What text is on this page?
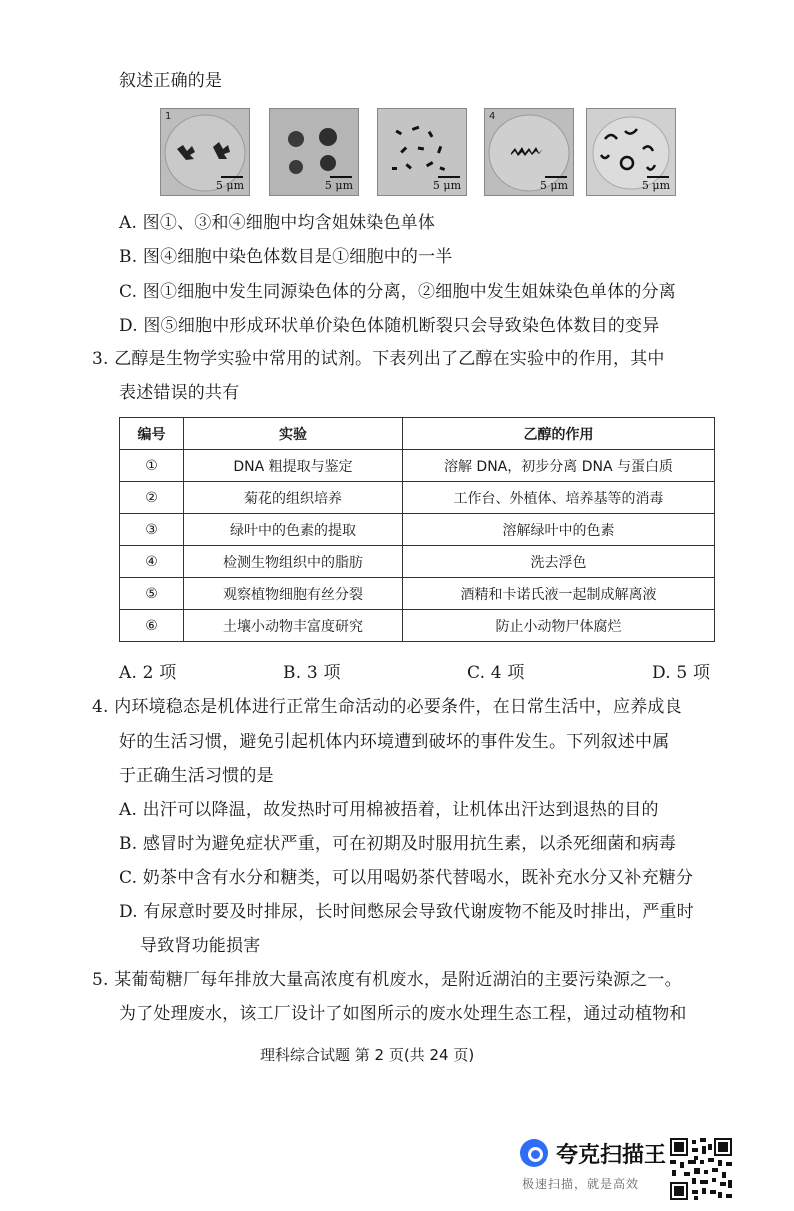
叙述正确的是
1
5 μm	5 μm	5 μm
4
5 μm	5 μm
A. 图①、③和④细胞中均含姐妹染色单体
B. 图④细胞中染色体数目是①细胞中的一半
C. 图①细胞中发生同源染色体的分离，②细胞中发生姐妹染色单体的分离
D. 图⑤细胞中形成环状单价染色体随机断裂只会导致染色体数目的变异
3. 乙醇是生物学实验中常用的试剂。下表列出了乙醇在实验中的作用，其中
表述错误的共有
编号	实验	乙醇的作用
①	DNA 粗提取与鉴定	溶解 DNA，初步分离 DNA 与蛋白质
②	菊花的组织培养	工作台、外植体、培养基等的消毒
③	绿叶中的色素的提取	溶解绿叶中的色素
④	检测生物组织中的脂肪	洗去浮色
⑤	观察植物细胞有丝分裂	酒精和卡诺氏液一起制成解离液
⑥	土壤小动物丰富度研究	防止小动物尸体腐烂
A. 2 项	B. 3 项	C. 4 项	D. 5 项
4. 内环境稳态是机体进行正常生命活动的必要条件，在日常生活中，应养成良
好的生活习惯，避免引起机体内环境遭到破坏的事件发生。下列叙述中属
于正确生活习惯的是
A. 出汗可以降温，故发热时可用棉被捂着，让机体出汗达到退热的目的
B. 感冒时为避免症状严重，可在初期及时服用抗生素，以杀死细菌和病毒
C. 奶茶中含有水分和糖类，可以用喝奶茶代替喝水，既补充水分又补充糖分
D. 有尿意时要及时排尿，长时间憋尿会导致代谢废物不能及时排出，严重时
导致肾功能损害
5. 某葡萄糖厂每年排放大量高浓度有机废水，是附近湖泊的主要污染源之一。
为了处理废水，该工厂设计了如图所示的废水处理生态工程，通过动植物和
理科综合试题 第 2 页(共 24 页)
夸克扫描王
极速扫描，就是高效
